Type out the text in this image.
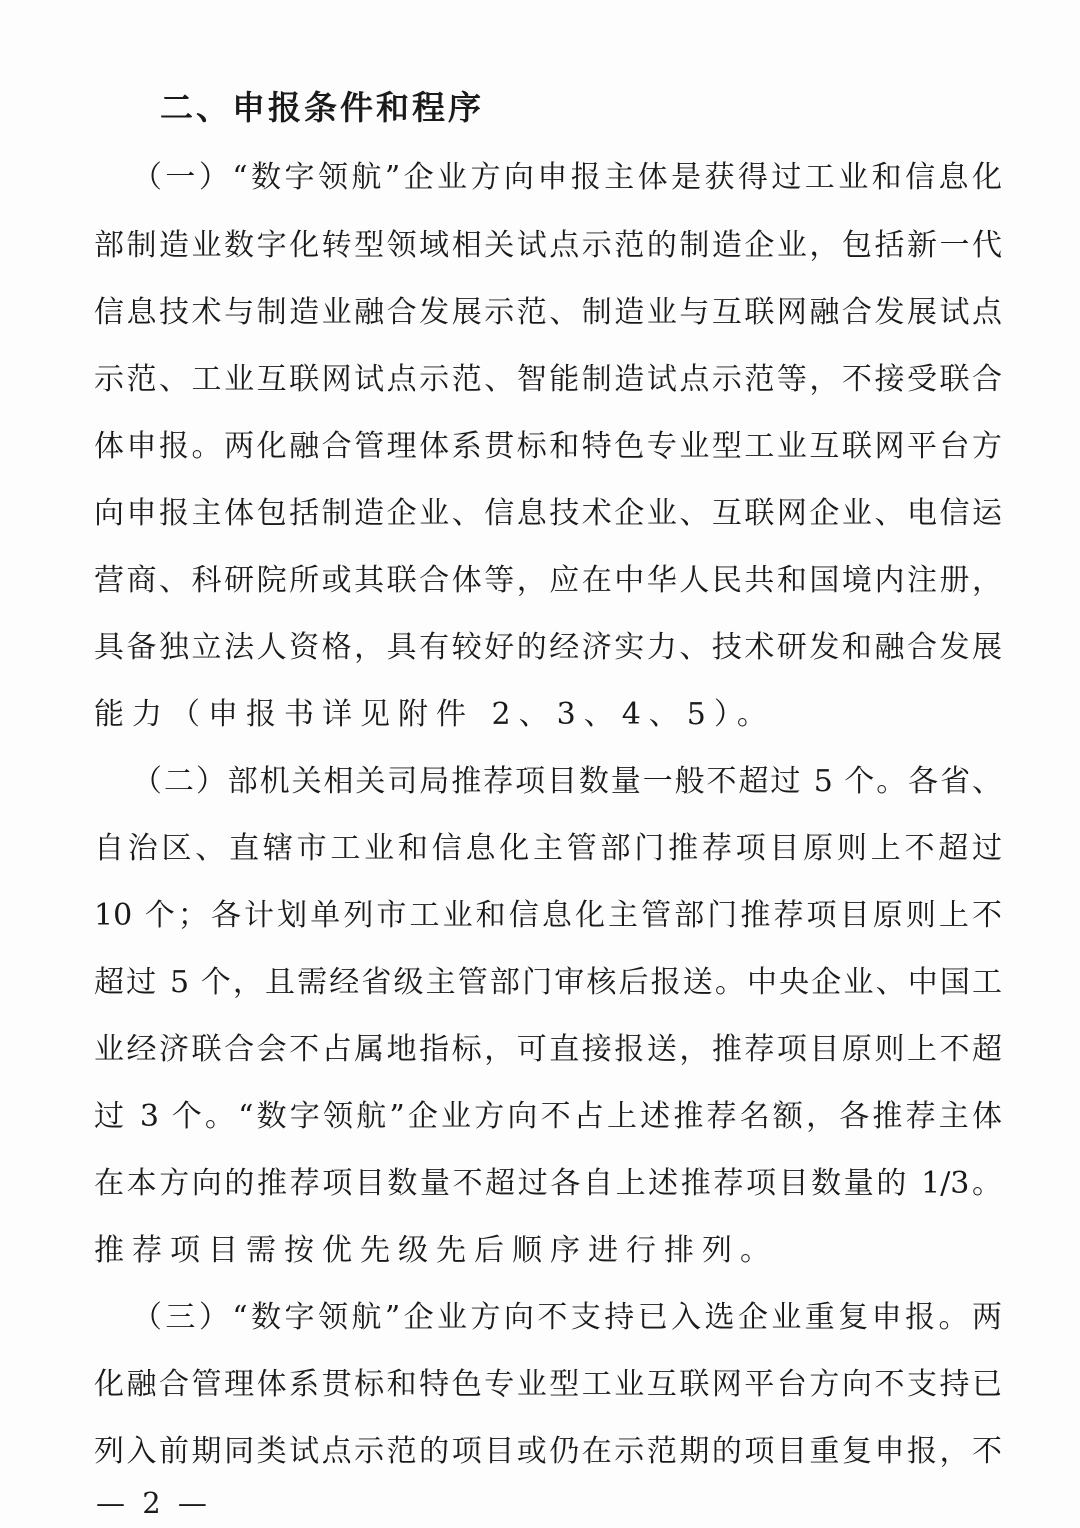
二、申报条件和程序
（一）“数字领航”企业方向申报主体是获得过工业和信息化
部制造业数字化转型领域相关试点示范的制造企业，包括新一代
信息技术与制造业融合发展示范、制造业与互联网融合发展试点
示范、工业互联网试点示范、智能制造试点示范等，不接受联合
体申报。两化融合管理体系贯标和特色专业型工业互联网平台方
向申报主体包括制造企业、信息技术企业、互联网企业、电信运
营商、科研院所或其联合体等，应在中华人民共和国境内注册，
具备独立法人资格，具有较好的经济实力、技术研发和融合发展
能力（申报书详见附件 2、3、4、5）。
（二）部机关相关司局推荐项目数量一般不超过 5 个。各省、
自治区、直辖市工业和信息化主管部门推荐项目原则上不超过
10 个；各计划单列市工业和信息化主管部门推荐项目原则上不
超过 5 个，且需经省级主管部门审核后报送。中央企业、中国工
业经济联合会不占属地指标，可直接报送，推荐项目原则上不超
过 3 个。“数字领航”企业方向不占上述推荐名额，各推荐主体
在本方向的推荐项目数量不超过各自上述推荐项目数量的 1/3。
推荐项目需按优先级先后顺序进行排列。
（三）“数字领航”企业方向不支持已入选企业重复申报。两
化融合管理体系贯标和特色专业型工业互联网平台方向不支持已
列入前期同类试点示范的项目或仍在示范期的项目重复申报，不
— 2 —
